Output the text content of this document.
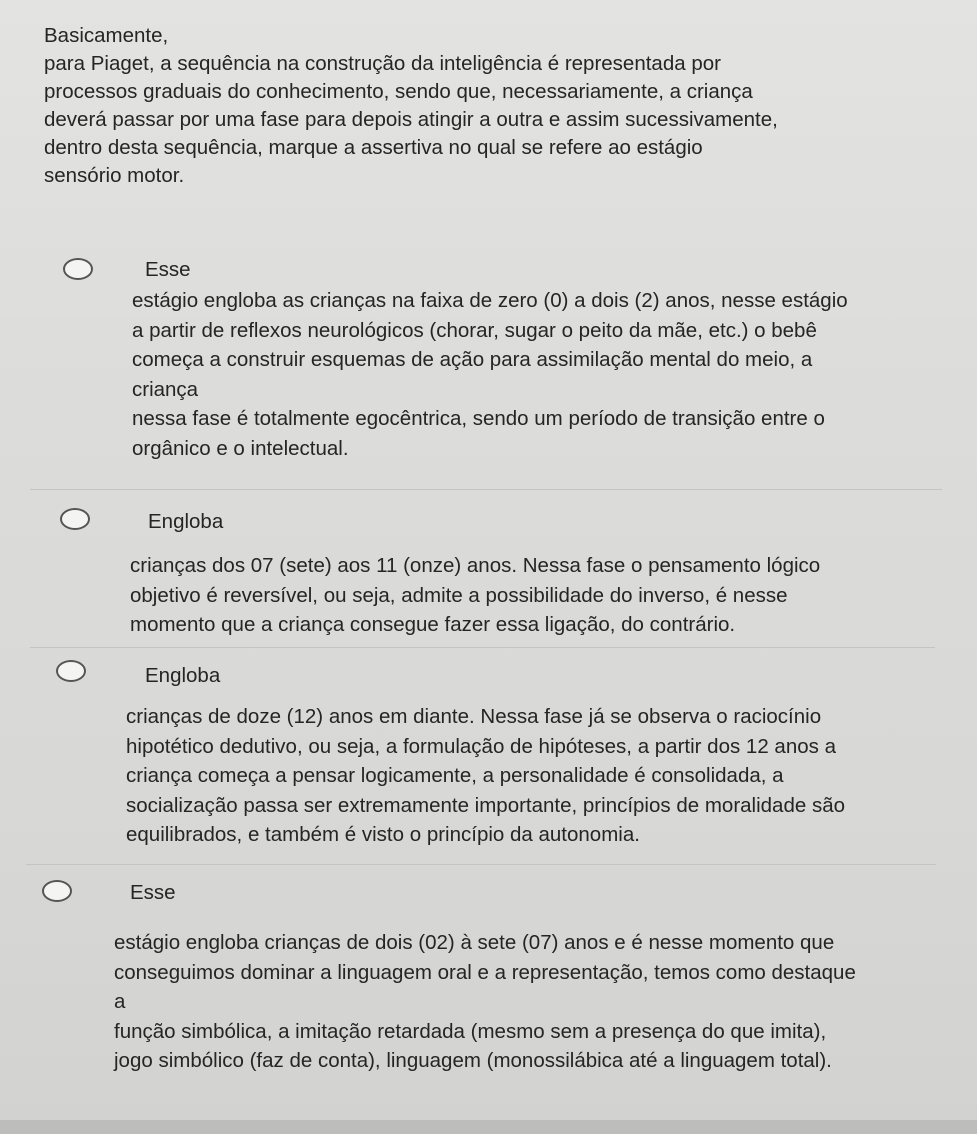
Basicamente,
para Piaget, a sequência na construção da inteligência é representada por
processos graduais do conhecimento, sendo que, necessariamente, a criança
deverá passar por uma fase para depois atingir a outra e assim sucessivamente,
dentro desta sequência, marque a assertiva no qual se refere ao estágio
sensório motor.
Esse
estágio engloba as crianças na faixa de zero (0) a dois (2) anos, nesse estágio
a partir de reflexos neurológicos (chorar, sugar o peito da mãe, etc.) o bebê
começa a construir esquemas de ação para assimilação mental do meio, a
criança
nessa fase é totalmente egocêntrica, sendo um período de transição entre o
orgânico e o intelectual.
Engloba
crianças dos 07 (sete) aos 11 (onze) anos. Nessa fase o pensamento lógico
objetivo é reversível, ou seja, admite a possibilidade do inverso, é nesse
momento que a criança consegue fazer essa ligação, do contrário.
Engloba
crianças de doze (12) anos em diante. Nessa fase já se observa o raciocínio
hipotético dedutivo, ou seja, a formulação de hipóteses, a partir dos 12 anos a
criança começa a pensar logicamente, a personalidade é consolidada, a
socialização passa ser extremamente importante, princípios de moralidade são
equilibrados, e também é visto o princípio da autonomia.
Esse
estágio engloba crianças de dois (02) à sete (07) anos e é nesse momento que
conseguimos dominar a linguagem oral e a representação, temos como destaque
a
função simbólica, a imitação retardada (mesmo sem a presença do que imita),
jogo simbólico (faz de conta), linguagem (monossilábica até a linguagem total).
